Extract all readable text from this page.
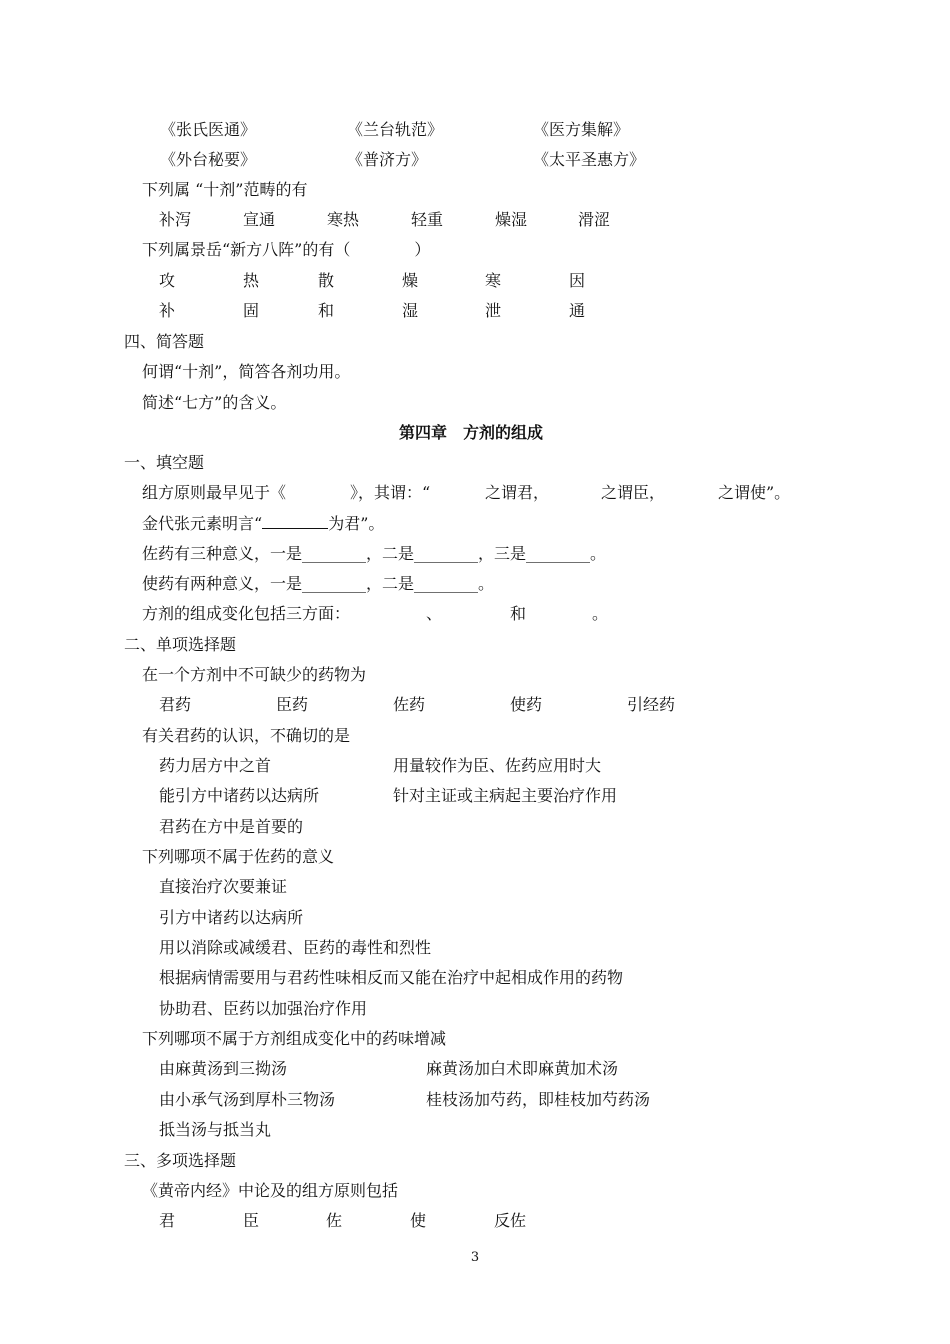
第四章　方剂的组成
金代张元素明言“	为君”。
3
《张氏医通》	《兰台轨范》	《医方集解》
《外台秘要》	《普济方》	《太平圣惠方》
下列属 “十剂”范畴的有
补泻	宣通	寒热	轻重	燥湿	滑涩
下列属景岳“新方八阵”的有（　　　　）
攻	热	散	燥	寒	因
补	固	和	湿	泄	通
四、简答题
何谓“十剂”，简答各剂功用。
简述“七方”的含义。
一、填空题
组方原则最早见于《　　　　》，其谓：“	之谓君，	之谓臣，	之谓使”。
佐药有三种意义，一是________，二是________，三是________。
使药有两种意义，一是________，二是________。
方剂的组成变化包括三方面：	、	和	。
二、单项选择题
在一个方剂中不可缺少的药物为
君药	臣药	佐药	使药	引经药
有关君药的认识，不确切的是
药力居方中之首	用量较作为臣、佐药应用时大
能引方中诸药以达病所	针对主证或主病起主要治疗作用
君药在方中是首要的
下列哪项不属于佐药的意义
直接治疗次要兼证
引方中诸药以达病所
用以消除或减缓君、臣药的毒性和烈性
根据病情需要用与君药性味相反而又能在治疗中起相成作用的药物
协助君、臣药以加强治疗作用
下列哪项不属于方剂组成变化中的药味增减
由麻黄汤到三拗汤	麻黄汤加白术即麻黄加术汤
由小承气汤到厚朴三物汤	桂枝汤加芍药，即桂枝加芍药汤
抵当汤与抵当丸
三、多项选择题
《黄帝内经》中论及的组方原则包括
君	臣	佐	使	反佐
